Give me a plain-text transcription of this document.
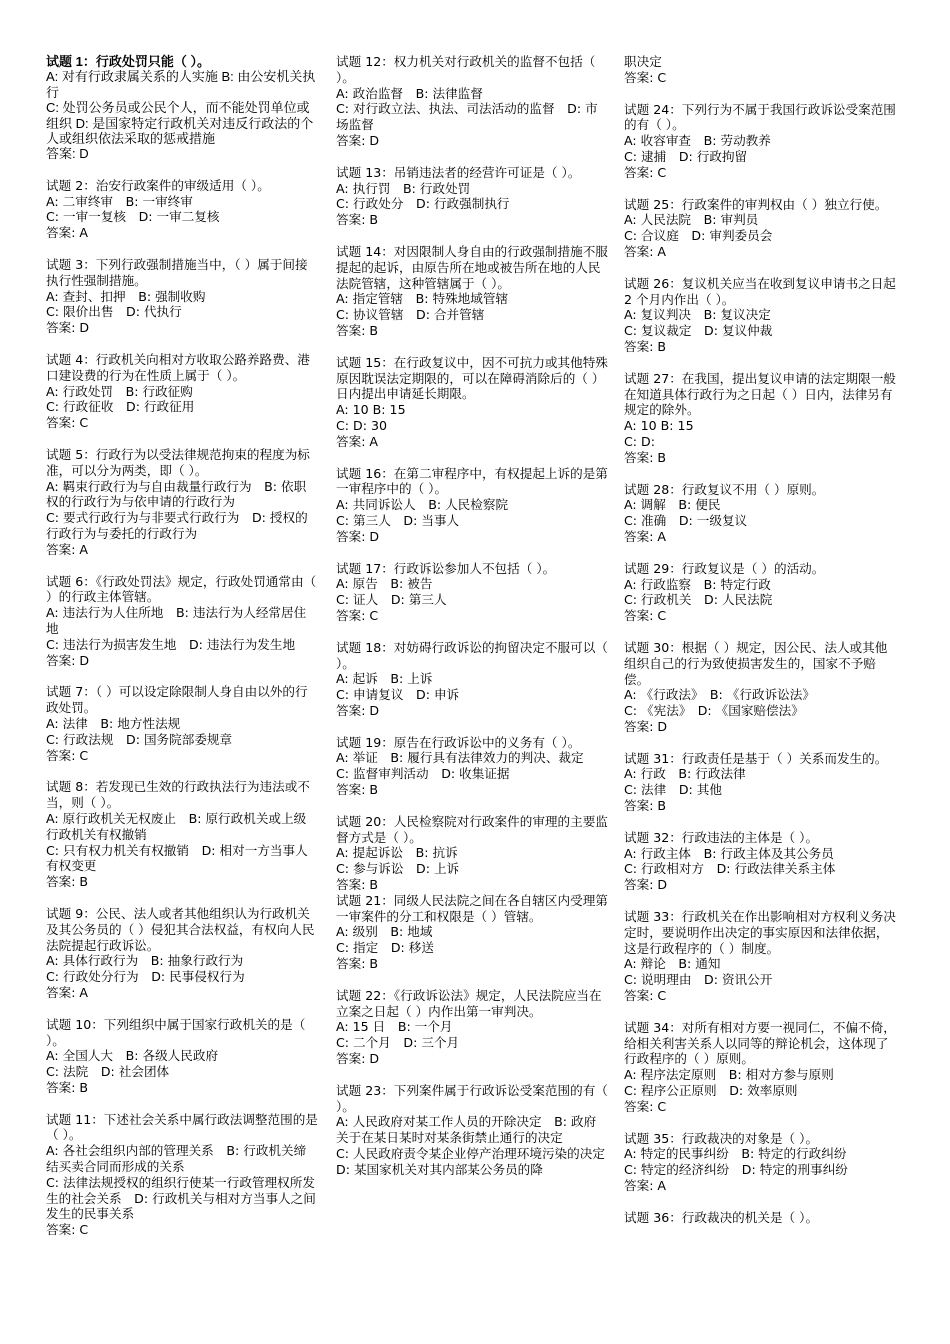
试题 1：行政处罚只能（ ）。

A: 对有行政隶属关系的人实施 B: 由公安机关执行

C: 处罚公务员或公民个人，而不能处罚单位或组织 D: 是国家特定行政机关对违反行政法的个人或组织依法采取的惩戒措施

答案: D

试题 2：治安行政案件的审级适用（ ）。

A: 二审终审　B: 一审终审

C: 一审一复核　D: 一审二复核

答案: A

试题 3：下列行政强制措施当中，（ ）属于间接执行性强制措施。

A: 查封、扣押　B: 强制收购

C: 限价出售　D: 代执行

答案: D

试题 4：行政机关向相对方收取公路养路费、港口建设费的行为在性质上属于（ ）。

A: 行政处罚　B: 行政征购

C: 行政征收　D: 行政征用

答案: C

试题 5：行政行为以受法律规范拘束的程度为标准，可以分为两类，即（ ）。

A: 羁束行政行为与自由裁量行政行为　B: 依职权的行政行为与依申请的行政行为

C: 要式行政行为与非要式行政行为　D: 授权的行政行为与委托的行政行为

答案: A

试题 6：《行政处罚法》规定，行政处罚通常由（ ）的行政主体管辖。

A: 违法行为人住所地　B: 违法行为人经常居住地

C: 违法行为损害发生地　D: 违法行为发生地

答案: D

试题 7：（ ）可以设定除限制人身自由以外的行政处罚。

A: 法律　B: 地方性法规

C: 行政法规　D: 国务院部委规章

答案: C

试题 8：若发现已生效的行政执法行为违法或不当，则（ ）。

A: 原行政机关无权废止　B: 原行政机关或上级行政机关有权撤销

C: 只有权力机关有权撤销　D: 相对一方当事人有权变更

答案: B

试题 9：公民、法人或者其他组织认为行政机关及其公务员的（ ）侵犯其合法权益，有权向人民法院提起行政诉讼。

A: 具体行政行为　B: 抽象行政行为

C: 行政处分行为　D: 民事侵权行为

答案: A

试题 10：下列组织中属于国家行政机关的是（ ）。

A: 全国人大　B: 各级人民政府

C: 法院　D: 社会团体

答案: B

试题 11：下述社会关系中属行政法调整范围的是（ ）。

A: 各社会组织内部的管理关系　B: 行政机关缔结买卖合同而形成的关系

C: 法律法规授权的组织行使某一行政管理权所发生的社会关系　D: 行政机关与相对方当事人之间发生的民事关系

答案: C

试题 12：权力机关对行政机关的监督不包括（ ）。

A: 政治监督　B: 法律监督

C: 对行政立法、执法、司法活动的监督　D: 市场监督

答案: D

试题 13：吊销违法者的经营许可证是（ ）。

A: 执行罚　B: 行政处罚

C: 行政处分　D: 行政强制执行

答案: B

试题 14：对因限制人身自由的行政强制措施不服提起的起诉，由原告所在地或被告所在地的人民法院管辖，这种管辖属于（ ）。

A: 指定管辖　B: 特殊地域管辖

C: 协议管辖　D: 合并管辖

答案: B

试题 15：在行政复议中，因不可抗力或其他特殊原因耽误法定期限的，可以在障碍消除后的（ ）日内提出申请延长期限。

A: 10 B: 15

C: D: 30

答案: A

试题 16：在第二审程序中，有权提起上诉的是第一审程序中的（ ）。

A: 共同诉讼人　B: 人民检察院

C: 第三人　D: 当事人

答案: D

试题 17：行政诉讼参加人不包括（ ）。

A: 原告　B: 被告

C: 证人　D: 第三人

答案: C

试题 18：对妨碍行政诉讼的拘留决定不服可以（ ）。

A: 起诉　B: 上诉

C: 申请复议　D: 申诉

答案: D

试题 19：原告在行政诉讼中的义务有（ ）。

A: 举证　B: 履行具有法律效力的判决、裁定

C: 监督审判活动　D: 收集证据

答案: B

试题 20：人民检察院对行政案件的审理的主要监督方式是（ ）。

A: 提起诉讼　B: 抗诉

C: 参与诉讼　D: 上诉

答案: B

试题 21：同级人民法院之间在各自辖区内受理第一审案件的分工和权限是（ ）管辖。

A: 级别　B: 地域

C: 指定　D: 移送

答案: B

试题 22：《行政诉讼法》规定，人民法院应当在立案之日起（ ）内作出第一审判决。

A: 15 日　B: 一个月

C: 二个月　D: 三个月

答案: D

试题 23：下列案件属于行政诉讼受案范围的有（ ）。

A: 人民政府对某工作人员的开除决定　B: 政府关于在某日某时对某条街禁止通行的决定

C: 人民政府责令某企业停产治理环境污染的决定　D: 某国家机关对其内部某公务员的降

职决定

答案: C

试题 24：下列行为不属于我国行政诉讼受案范围的有（ ）。

A: 收容审查　B: 劳动教养

C: 逮捕　D: 行政拘留

答案: C

试题 25：行政案件的审判权由（ ）独立行使。

A: 人民法院　B: 审判员

C: 合议庭　D: 审判委员会

答案: A

试题 26：复议机关应当在收到复议申请书之日起 2 个月内作出（ ）。

A: 复议判决　B: 复议决定

C: 复议裁定　D: 复议仲裁

答案: B

试题 27：在我国，提出复议申请的法定期限一般在知道具体行政行为之日起（ ）日内，法律另有规定的除外。

A: 10 B: 15

C: D:

答案: B

试题 28：行政复议不用（ ）原则。

A: 调解　B: 便民

C: 准确　D: 一级复议

答案: A

试题 29：行政复议是（ ）的活动。

A: 行政监察　B: 特定行政

C: 行政机关　D: 人民法院

答案: C

试题 30：根据（ ）规定，因公民、法人或其他组织自己的行为致使损害发生的，国家不予赔偿。

A: 《行政法》　B: 《行政诉讼法》

C: 《宪法》　D: 《国家赔偿法》

答案: D

试题 31：行政责任是基于（ ）关系而发生的。

A: 行政　B: 行政法律

C: 法律　D: 其他

答案: B

试题 32：行政违法的主体是（ ）。

A: 行政主体　B: 行政主体及其公务员

C: 行政相对方　D: 行政法律关系主体

答案: D

试题 33：行政机关在作出影响相对方权利义务决定时，要说明作出决定的事实原因和法律依据，这是行政程序的（ ）制度。

A: 辩论　B: 通知

C: 说明理由　D: 资讯公开

答案: C

试题 34：对所有相对方要一视同仁，不偏不倚，给相关利害关系人以同等的辩论机会，这体现了行政程序的（ ）原则。

A: 程序法定原则　B: 相对方参与原则

C: 程序公正原则　D: 效率原则

答案: C

试题 35：行政裁决的对象是（ ）。

A: 特定的民事纠纷　B: 特定的行政纠纷

C: 特定的经济纠纷　D: 特定的刑事纠纷

答案: A

试题 36：行政裁决的机关是（ ）。
